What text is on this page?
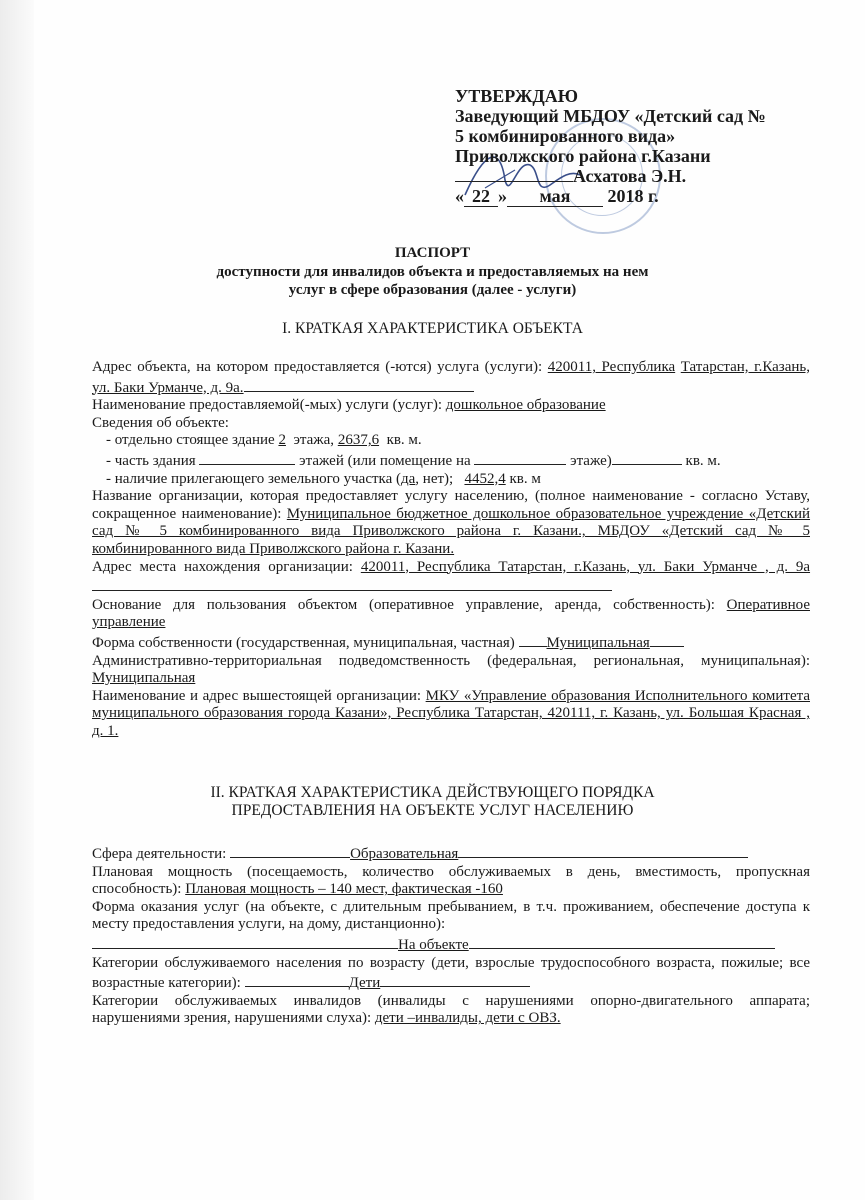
УТВЕРЖДАЮ
Заведующий МБДОУ «Детский сад №
5 комбинированного вида»
Приволжского района г.Казани
Асхатова Э.Н.
« 22 » мая 2018 г.
ПАСПОРТ
доступности для инвалидов объекта и предоставляемых на нем
услуг в сфере образования (далее - услуги)
I. КРАТКАЯ ХАРАКТЕРИСТИКА ОБЪЕКТА

Адрес объекта, на котором предоставляется (-ются) услуга (услуги): 420011, Республика Татарстан, г.Казань, ул. Баки Урманче, д. 9а.

Наименование предоставляемой(-мых) услуги (услуг): дошкольное образование

Сведения об объекте:

- отдельно стоящее здание 2 этажа, 2637,6 кв. м.

- часть здания	этажей (или помещение на	этаже)	кв. м.

- наличие прилегающего земельного участка (да, нет); 4452,4 кв. м

Название организации, которая предоставляет услугу населению, (полное наименование - согласно Уставу, сокращенное наименование): Муниципальное бюджетное дошкольное образовательное учреждение «Детский сад № 5 комбинированного вида Приволжского района г. Казани., МБДОУ «Детский сад № 5 комбинированного вида Приволжского района г. Казани.

Адрес места нахождения организации: 420011, Республика Татарстан, г.Казань, ул. Баки Урманче , д. 9а

Основание для пользования объектом (оперативное управление, аренда, собственность): Оперативное управление

Форма собственности (государственная, муниципальная, частная) Муниципальная

Административно-территориальная подведомственность (федеральная, региональная, муниципальная): Муниципальная

Наименование и адрес вышестоящей организации: МКУ «Управление образования Исполнительного комитета муниципального образования города Казани», Республика Татарстан, 420111, г. Казань, ул. Большая Красная , д. 1.

II. КРАТКАЯ ХАРАКТЕРИСТИКА ДЕЙСТВУЮЩЕГО ПОРЯДКА
ПРЕДОСТАВЛЕНИЯ НА ОБЪЕКТЕ УСЛУГ НАСЕЛЕНИЮ

Сфера деятельности:	Образовательная

Плановая мощность (посещаемость, количество обслуживаемых в день, вместимость, пропускная способность): Плановая мощность – 140 мест, фактическая -160

Форма оказания услуг (на объекте, с длительным пребыванием, в т.ч. проживанием, обеспечение доступа к месту предоставления услуги, на дому, дистанционно):

На объекте

Категории обслуживаемого населения по возрасту (дети, взрослые трудоспособного возраста, пожилые; все возрастные категории):	Дети

Категории обслуживаемых инвалидов (инвалиды с нарушениями опорно-двигательного аппарата; нарушениями зрения, нарушениями слуха): дети –инвалиды, дети с ОВЗ.
